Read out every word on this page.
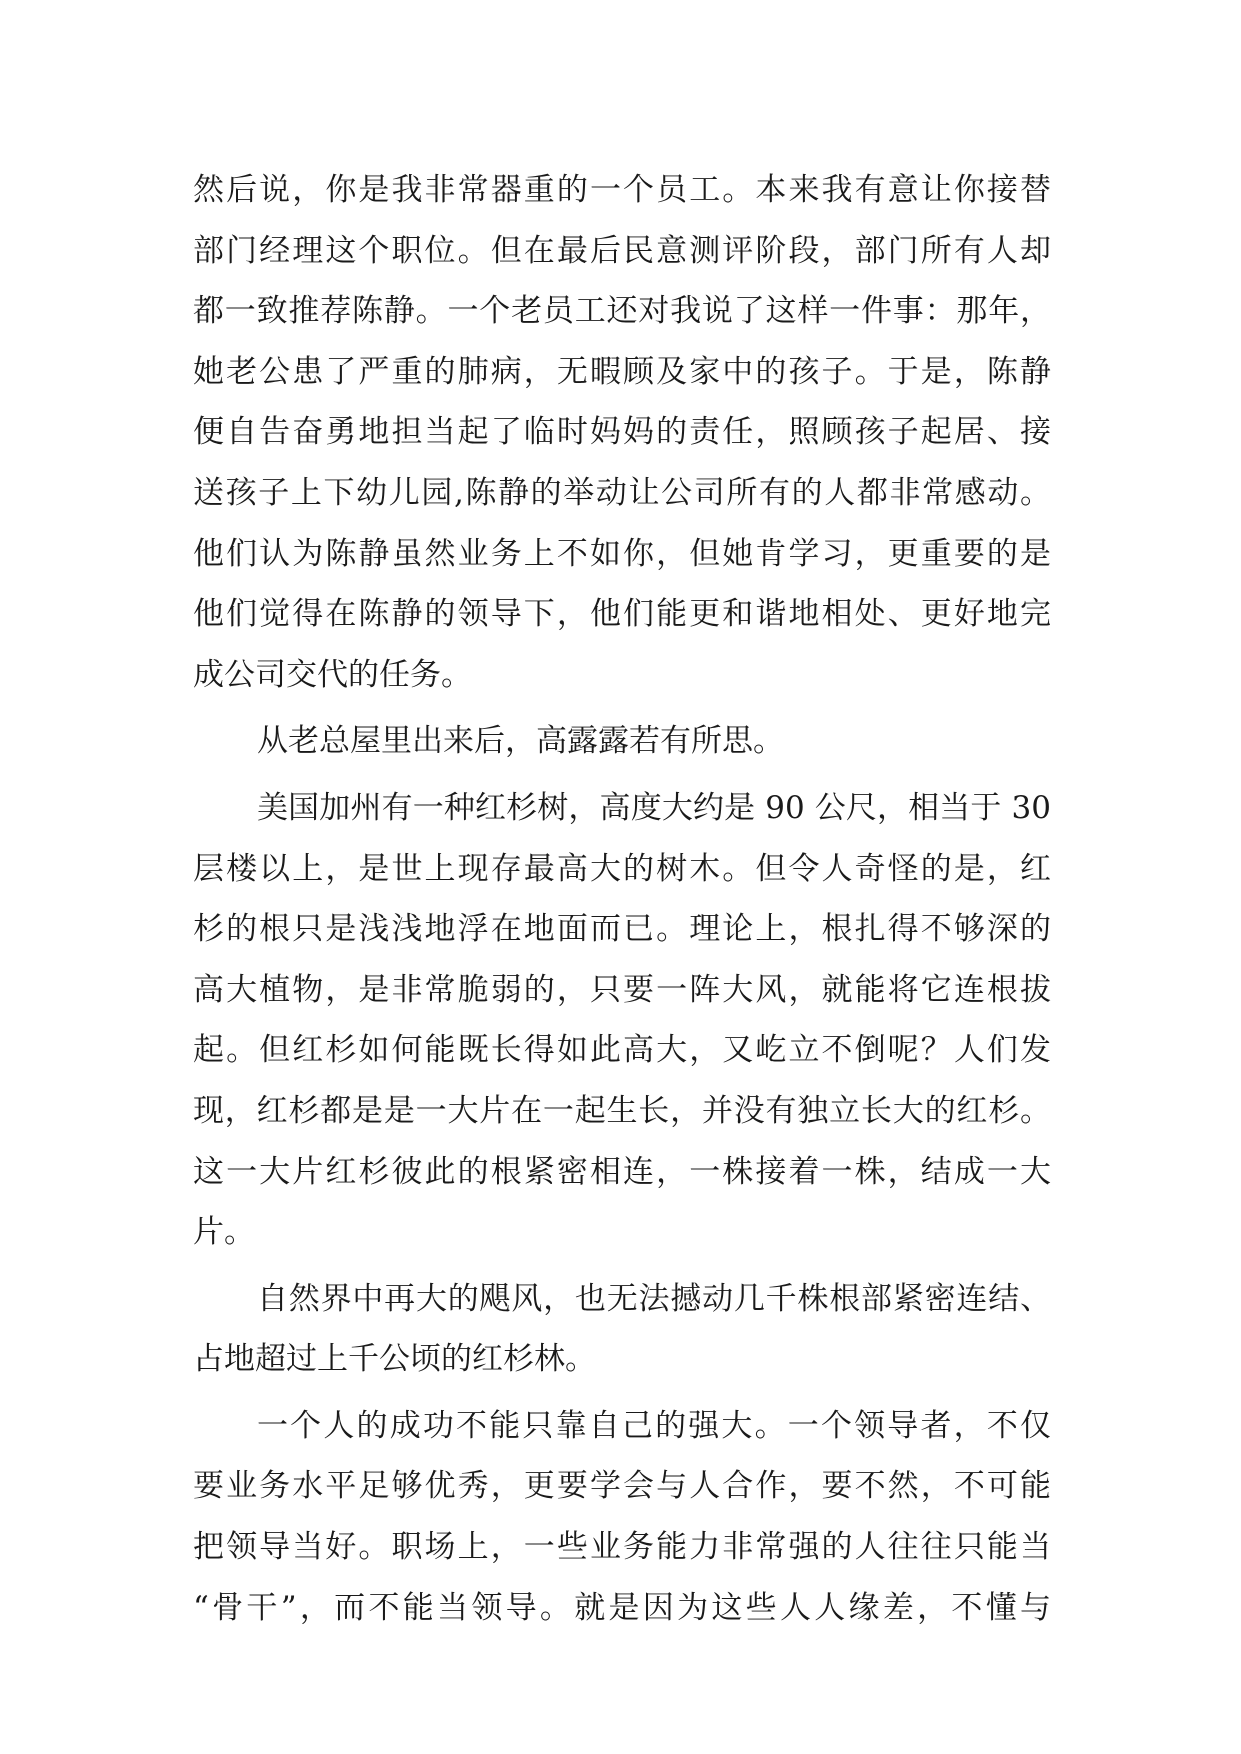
然后说，你是我非常器重的一个员工。本来我有意让你接替
部门经理这个职位。但在最后民意测评阶段，部门所有人却
都一致推荐陈静。一个老员工还对我说了这样一件事：那年，
她老公患了严重的肺病，无暇顾及家中的孩子。于是，陈静
便自告奋勇地担当起了临时妈妈的责任，照顾孩子起居、接
送孩子上下幼儿园,陈静的举动让公司所有的人都非常感动。
他们认为陈静虽然业务上不如你，但她肯学习，更重要的是
他们觉得在陈静的领导下，他们能更和谐地相处、更好地完
成公司交代的任务。
从老总屋里出来后，高露露若有所思。
美国加州有一种红杉树，高度大约是 90 公尺，相当于 30
层楼以上，是世上现存最高大的树木。但令人奇怪的是，红
杉的根只是浅浅地浮在地面而已。理论上，根扎得不够深的
高大植物，是非常脆弱的，只要一阵大风，就能将它连根拔
起。但红杉如何能既长得如此高大，又屹立不倒呢？人们发
现，红杉都是是一大片在一起生长，并没有独立长大的红杉。
这一大片红杉彼此的根紧密相连，一株接着一株，结成一大
片。
自然界中再大的飓风，也无法撼动几千株根部紧密连结、
占地超过上千公顷的红杉林。
一个人的成功不能只靠自己的强大。一个领导者，不仅
要业务水平足够优秀，更要学会与人合作，要不然，不可能
把领导当好。职场上，一些业务能力非常强的人往往只能当
“骨干”，而不能当领导。就是因为这些人人缘差，不懂与
